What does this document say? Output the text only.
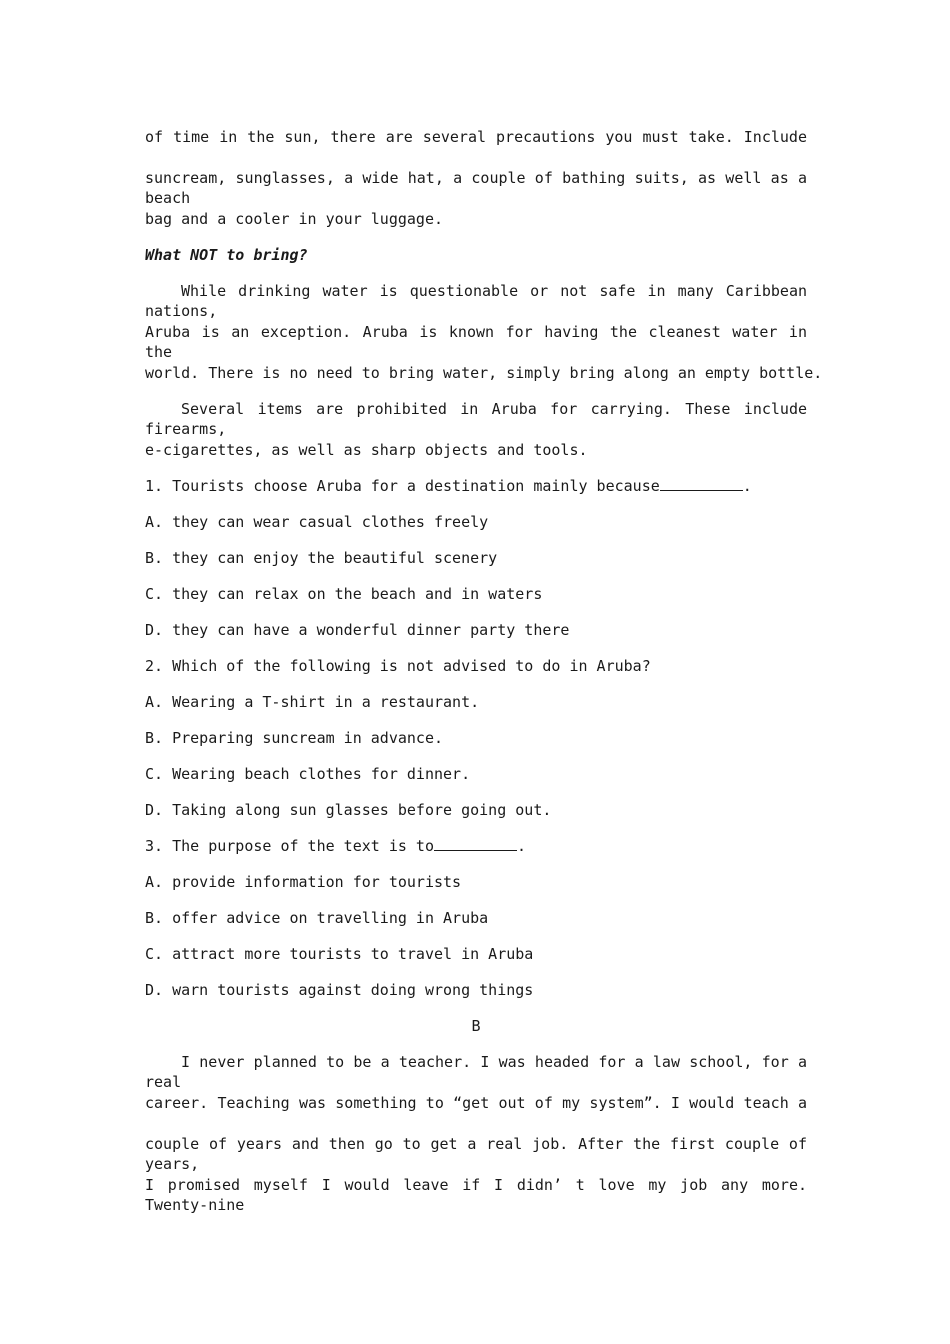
of time in the sun, there are several precautions you must take. Include
suncream, sunglasses, a wide hat, a couple of bathing suits, as well as a beach
bag and a cooler in your luggage.
What NOT to bring?
While drinking water is questionable or not safe in many Caribbean nations,
Aruba is an exception. Aruba is known for having the cleanest water in the
world. There is no need to bring water, simply bring along an empty bottle.
Several items are prohibited in Aruba for carrying. These include firearms,
e-cigarettes, as well as sharp objects and tools.
1. Tourists choose Aruba for a destination mainly because	.
A. they can wear casual clothes freely
B. they can enjoy the beautiful scenery
C. they can relax on the beach and in waters
D. they can have a wonderful dinner party there
2. Which of the following is not advised to do in Aruba?
A. Wearing a T-shirt in a restaurant.
B. Preparing suncream in advance.
C. Wearing beach clothes for dinner.
D. Taking along sun glasses before going out.
3. The purpose of the text is to	.
A. provide information for tourists
B. offer advice on travelling in Aruba
C. attract more tourists to travel in Aruba
D. warn tourists against doing wrong things
B
I never planned to be a teacher. I was headed for a law school, for a real
career. Teaching was something to “get out of my system”. I would teach a
couple of years and then go to get a real job. After the first couple of years,
I promised myself I would leave if I didn’ t love my job any more. Twenty-nine
